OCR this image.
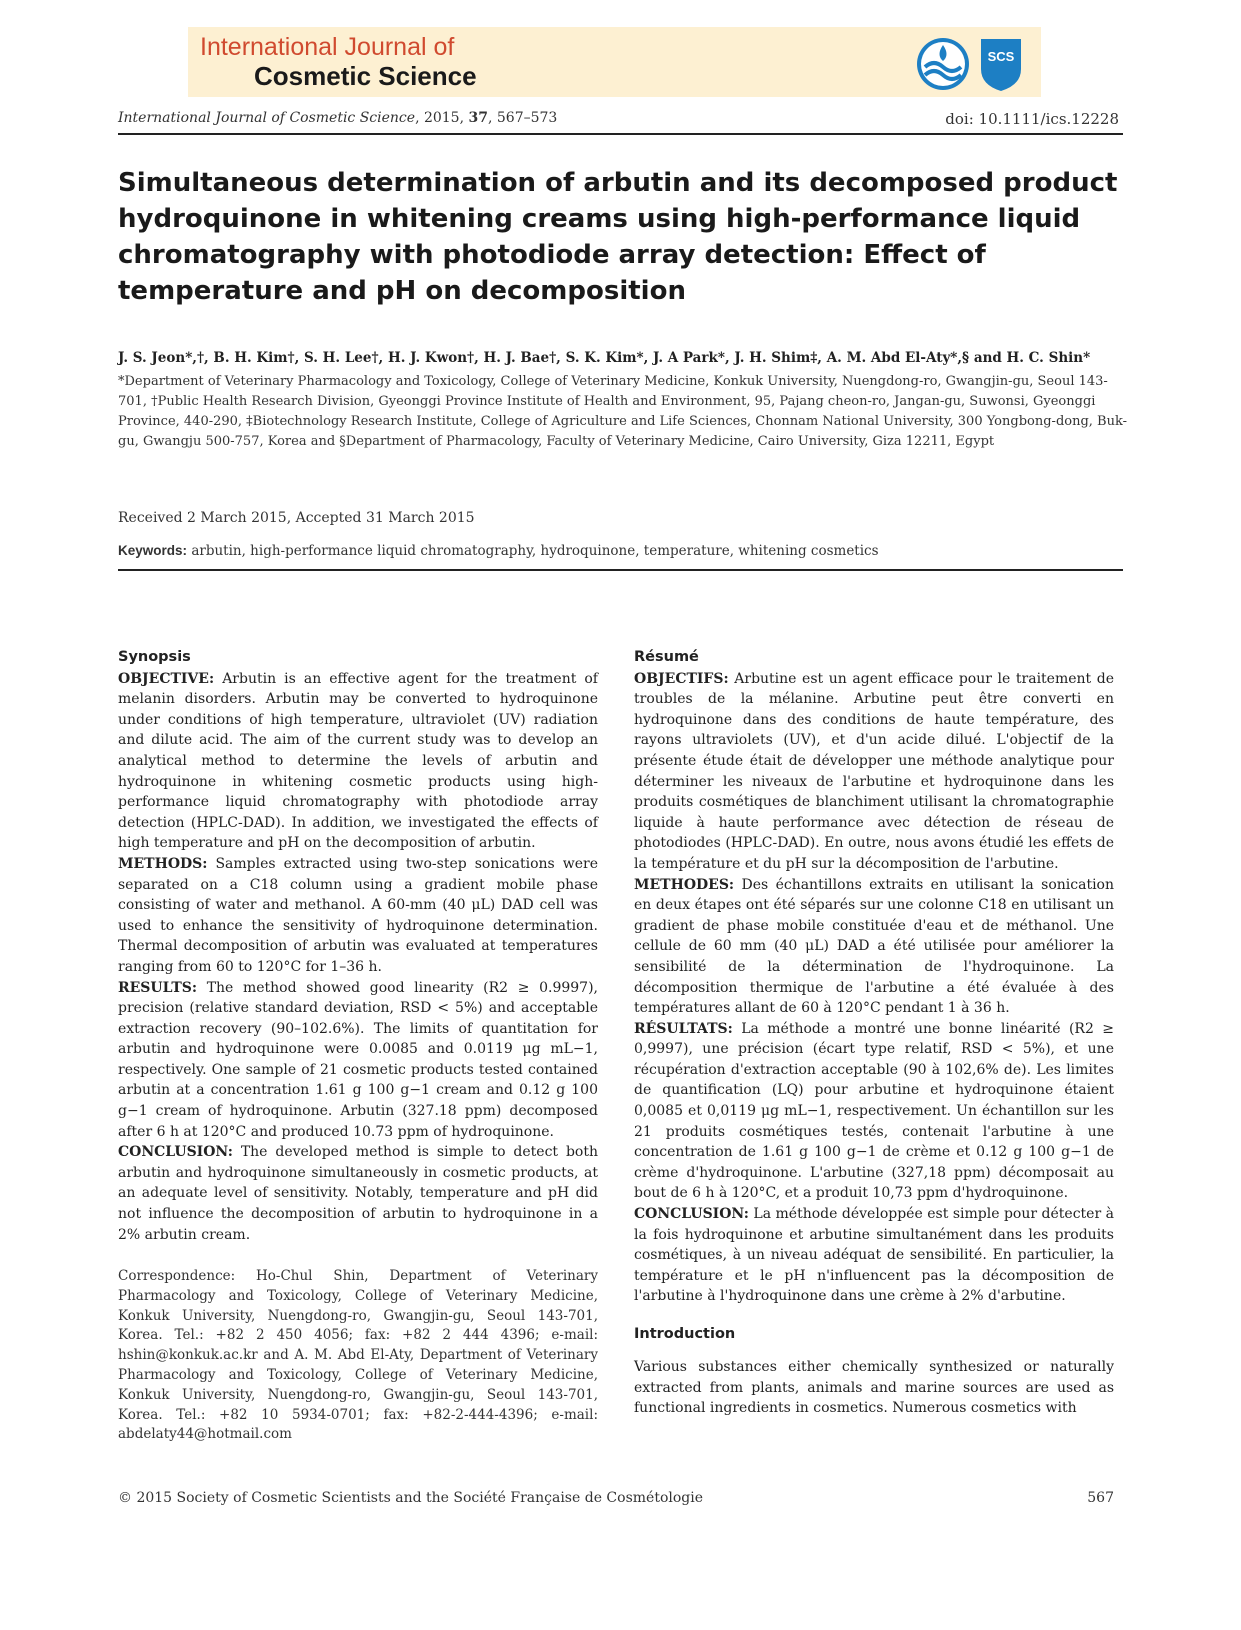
International Journal of
Cosmetic Science
SCS
International Journal of Cosmetic Science, 2015, 37, 567–573	doi: 10.1111/ics.12228
Simultaneous determination of arbutin and its decomposed product hydroquinone in whitening creams using high-performance liquid chromatography with photodiode array detection: Effect of temperature and pH on decomposition
J. S. Jeon*,†, B. H. Kim†, S. H. Lee†, H. J. Kwon†, H. J. Bae†, S. K. Kim*, J. A Park*, J. H. Shim‡, A. M. Abd El-Aty*,§ and H. C. Shin*
*Department of Veterinary Pharmacology and Toxicology, College of Veterinary Medicine, Konkuk University, Nuengdong-ro, Gwangjin-gu, Seoul 143-701, †Public Health Research Division, Gyeonggi Province Institute of Health and Environment, 95, Pajang cheon-ro, Jangan-gu, Suwonsi, Gyeonggi Province, 440-290, ‡Biotechnology Research Institute, College of Agriculture and Life Sciences, Chonnam National University, 300 Yongbong-dong, Buk-gu, Gwangju 500-757, Korea and §Department of Pharmacology, Faculty of Veterinary Medicine, Cairo University, Giza 12211, Egypt
Received 2 March 2015, Accepted 31 March 2015
Keywords: arbutin, high-performance liquid chromatography, hydroquinone, temperature, whitening cosmetics
Synopsis

OBJECTIVE: Arbutin is an effective agent for the treatment of melanin disorders. Arbutin may be converted to hydroquinone under conditions of high temperature, ultraviolet (UV) radiation and dilute acid. The aim of the current study was to develop an analytical method to determine the levels of arbutin and hydroquinone in whitening cosmetic products using high-performance liquid chromatography with photodiode array detection (HPLC-DAD). In addition, we investigated the effects of high temperature and pH on the decomposition of arbutin.

METHODS: Samples extracted using two-step sonications were separated on a C18 column using a gradient mobile phase consisting of water and methanol. A 60-mm (40 μL) DAD cell was used to enhance the sensitivity of hydroquinone determination. Thermal decomposition of arbutin was evaluated at temperatures ranging from 60 to 120°C for 1–36 h.

RESULTS: The method showed good linearity (R2 ≥ 0.9997), precision (relative standard deviation, RSD < 5%) and acceptable extraction recovery (90–102.6%). The limits of quantitation for arbutin and hydroquinone were 0.0085 and 0.0119 μg mL−1, respectively. One sample of 21 cosmetic products tested contained arbutin at a concentration 1.61 g 100 g−1 cream and 0.12 g 100 g−1 cream of hydroquinone. Arbutin (327.18 ppm) decomposed after 6 h at 120°C and produced 10.73 ppm of hydroquinone.

CONCLUSION: The developed method is simple to detect both arbutin and hydroquinone simultaneously in cosmetic products, at an adequate level of sensitivity. Notably, temperature and pH did not influence the decomposition of arbutin to hydroquinone in a 2% arbutin cream.

Résumé

OBJECTIFS: Arbutine est un agent efficace pour le traitement de troubles de la mélanine. Arbutine peut être converti en hydroquinone dans des conditions de haute température, des rayons ultraviolets (UV), et d'un acide dilué. L'objectif de la présente étude était de développer une méthode analytique pour déterminer les niveaux de l'arbutine et hydroquinone dans les produits cosmétiques de blanchiment utilisant la chromatographie liquide à haute performance avec détection de réseau de photodiodes (HPLC-DAD). En outre, nous avons étudié les effets de la température et du pH sur la décomposition de l'arbutine.

METHODES: Des échantillons extraits en utilisant la sonication en deux étapes ont été séparés sur une colonne C18 en utilisant un gradient de phase mobile constituée d'eau et de méthanol. Une cellule de 60 mm (40 μL) DAD a été utilisée pour améliorer la sensibilité de la détermination de l'hydroquinone. La décomposition thermique de l'arbutine a été évaluée à des températures allant de 60 à 120°C pendant 1 à 36 h.

RÉSULTATS: La méthode a montré une bonne linéarité (R2 ≥ 0,9997), une précision (écart type relatif, RSD < 5%), et une récupération d'extraction acceptable (90 à 102,6% de). Les limites de quantification (LQ) pour arbutine et hydroquinone étaient 0,0085 et 0,0119 μg mL−1, respectivement. Un échantillon sur les 21 produits cosmétiques testés, contenait l'arbutine à une concentration de 1.61 g 100 g−1 de crème et 0.12 g 100 g−1 de crème d'hydroquinone. L'arbutine (327,18 ppm) décomposait au bout de 6 h à 120°C, et a produit 10,73 ppm d'hydroquinone.

CONCLUSION: La méthode développée est simple pour détecter à la fois hydroquinone et arbutine simultanément dans les produits cosmétiques, à un niveau adéquat de sensibilité. En particulier, la température et le pH n'influencent pas la décomposition de l'arbutine à l'hydroquinone dans une crème à 2% d'arbutine.

Correspondence: Ho-Chul Shin, Department of Veterinary Pharmacology and Toxicology, College of Veterinary Medicine, Konkuk University, Nuengdong-ro, Gwangjin-gu, Seoul 143-701, Korea. Tel.: +82 2 450 4056; fax: +82 2 444 4396; e-mail: hshin@konkuk.ac.kr and A. M. Abd El-Aty, Department of Veterinary Pharmacology and Toxicology, College of Veterinary Medicine, Konkuk University, Nuengdong-ro, Gwangjin-gu, Seoul 143-701, Korea. Tel.: +82 10 5934-0701; fax: +82-2-444-4396; e-mail: abdelaty44@hotmail.com
Introduction
Various substances either chemically synthesized or naturally extracted from plants, animals and marine sources are used as functional ingredients in cosmetics. Numerous cosmetics with
© 2015 Society of Cosmetic Scientists and the Société Française de Cosmétologie	567
